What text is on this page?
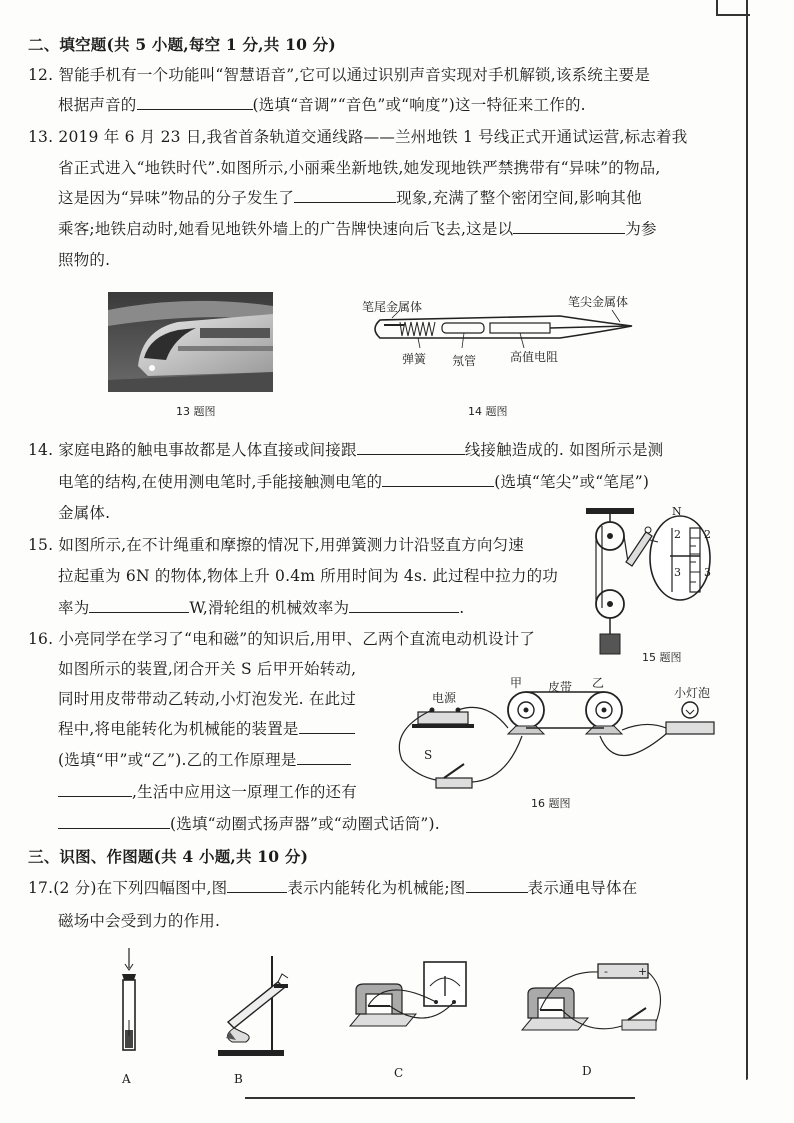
二、填空题(共 5 小题,每空 1 分,共 10 分)
12. 智能手机有一个功能叫“智慧语音”,它可以通过识别声音实现对手机解锁,该系统主要是
根据声音的	(选填“音调”“音色”或“响度”)这一特征来工作的.
13. 2019 年 6 月 23 日,我省首条轨道交通线路——兰州地铁 1 号线正式开通试运营,标志着我
省正式进入“地铁时代”.如图所示,小丽乘坐新地铁,她发现地铁严禁携带有“异味”的物品,
这是因为“异味”物品的分子发生了	现象,充满了整个密闭空间,影响其他
乘客;地铁启动时,她看见地铁外墙上的广告牌快速向后飞去,这是以	为参
照物的.
13 题图
笔尾金属体	笔尖金属体
弹簧 氖管	高值电阻
14 题图
14. 家庭电路的触电事故都是人体直接或间接跟	线接触造成的. 如图所示是测
电笔的结构,在使用测电笔时,手能接触测电笔的	(选填“笔尖”或“笔尾”)
金属体.
15. 如图所示,在不计绳重和摩擦的情况下,用弹簧测力计沿竖直方向匀速
拉起重为 6N 的物体,物体上升 0.4m 所用时间为 4s. 此过程中拉力的功
率为	W,滑轮组的机械效率为	.
N
2
3
2
3
15 题图
16. 小亮同学在学习了“电和磁”的知识后,用甲、乙两个直流电动机设计了
如图所示的装置,闭合开关 S 后甲开始转动,
同时用皮带带动乙转动,小灯泡发光. 在此过
程中,将电能转化为机械能的装置是
(选填“甲”或“乙”).乙的工作原理是
,生活中应用这一原理工作的还有
(选填“动圈式扬声器”或“动圈式话筒”).
电源
甲 皮带 乙
小灯泡
S
16 题图
三、识图、作图题(共 4 小题,共 10 分)
17.(2 分)在下列四幅图中,图	表示内能转化为机械能;图	表示通电导体在
磁场中会受到力的作用.
A	B	C
-	+
D
